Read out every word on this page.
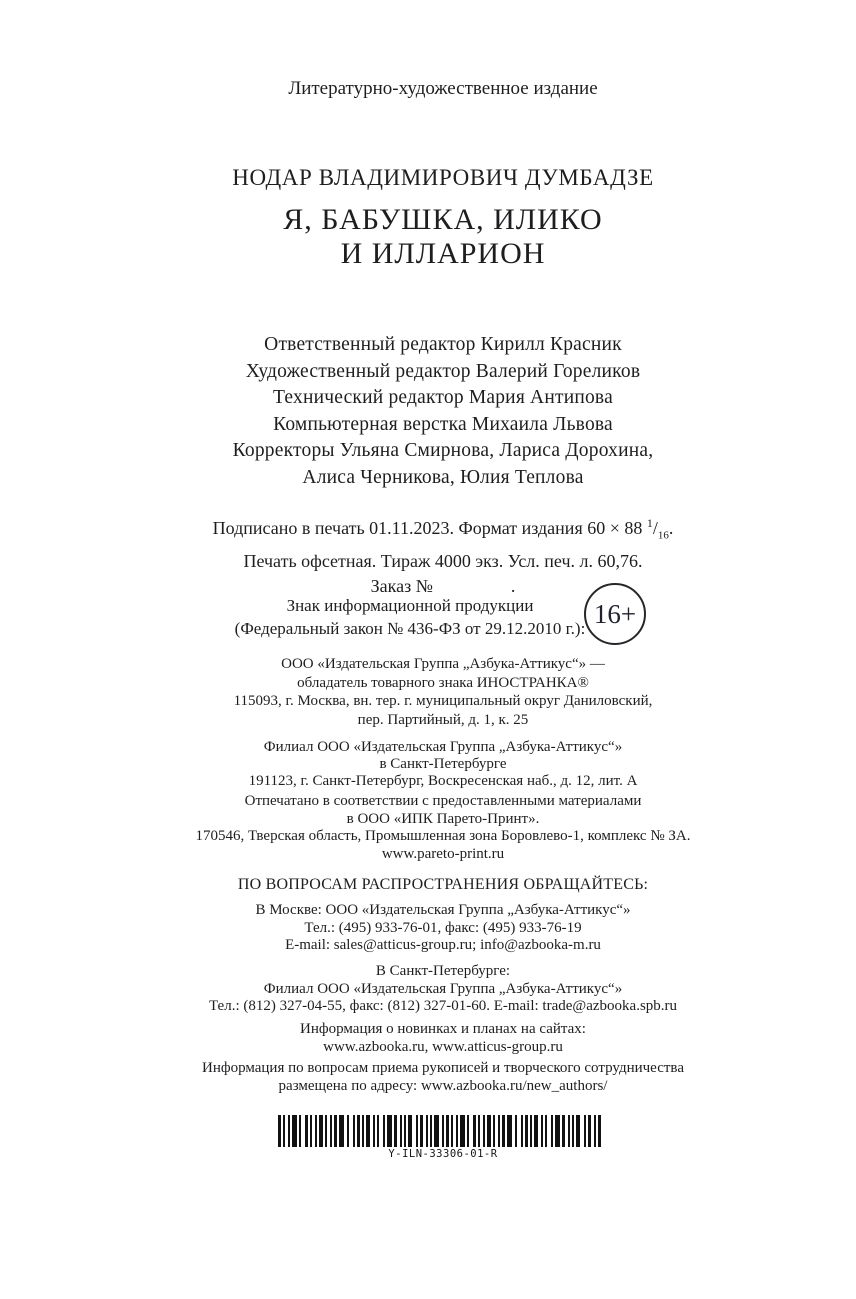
Литературно-художественное издание
НОДАР ВЛАДИМИРОВИЧ ДУМБАДЗЕ
Я, БАБУШКА, ИЛИКО
И ИЛЛАРИОН
Ответственный редактор Кирилл Красник
Художественный редактор Валерий Гореликов
Технический редактор Мария Антипова
Компьютерная верстка Михаила Львова
Корректоры Ульяна Смирнова, Лариса Дорохина,
Алиса Черникова, Юлия Теплова
Подписано в печать 01.11.2023. Формат издания 60 × 88 $^1/_{16}$.
Печать офсетная. Тираж 4000 экз. Усл. печ. л. 60,76.
Заказ №	.
Знак информационной продукции
(Федеральный закон № 436-ФЗ от 29.12.2010 г.): 16+
ООО «Издательская Группа „Азбука-Аттикус“» —
обладатель товарного знака ИНОСТРАНКА®
115093, г. Москва, вн. тер. г. муниципальный округ Даниловский,
пер. Партийный, д. 1, к. 25
Филиал ООО «Издательская Группа „Азбука-Аттикус“»
в Санкт-Петербурге
191123, г. Санкт-Петербург, Воскресенская наб., д. 12, лит. А
Отпечатано в соответствии с предоставленными материалами
в ООО «ИПК Парето-Принт».
170546, Тверская область, Промышленная зона Боровлево-1, комплекс № ЗА.
www.pareto-print.ru
ПО ВОПРОСАМ РАСПРОСТРАНЕНИЯ ОБРАЩАЙТЕСЬ:
В Москве: ООО «Издательская Группа „Азбука-Аттикус“»
Тел.: (495) 933-76-01, факс: (495) 933-76-19
E-mail: sales@atticus-group.ru; info@azbooka-m.ru
В Санкт-Петербурге:
Филиал ООО «Издательская Группа „Азбука-Аттикус“»
Тел.: (812) 327-04-55, факс: (812) 327-01-60. E-mail: trade@azbooka.spb.ru
Информация о новинках и планах на сайтах:
www.azbooka.ru, www.atticus-group.ru
Информация по вопросам приема рукописей и творческого сотрудничества
размещена по адресу: www.azbooka.ru/new_authors/
Y-ILN-33306-01-R
